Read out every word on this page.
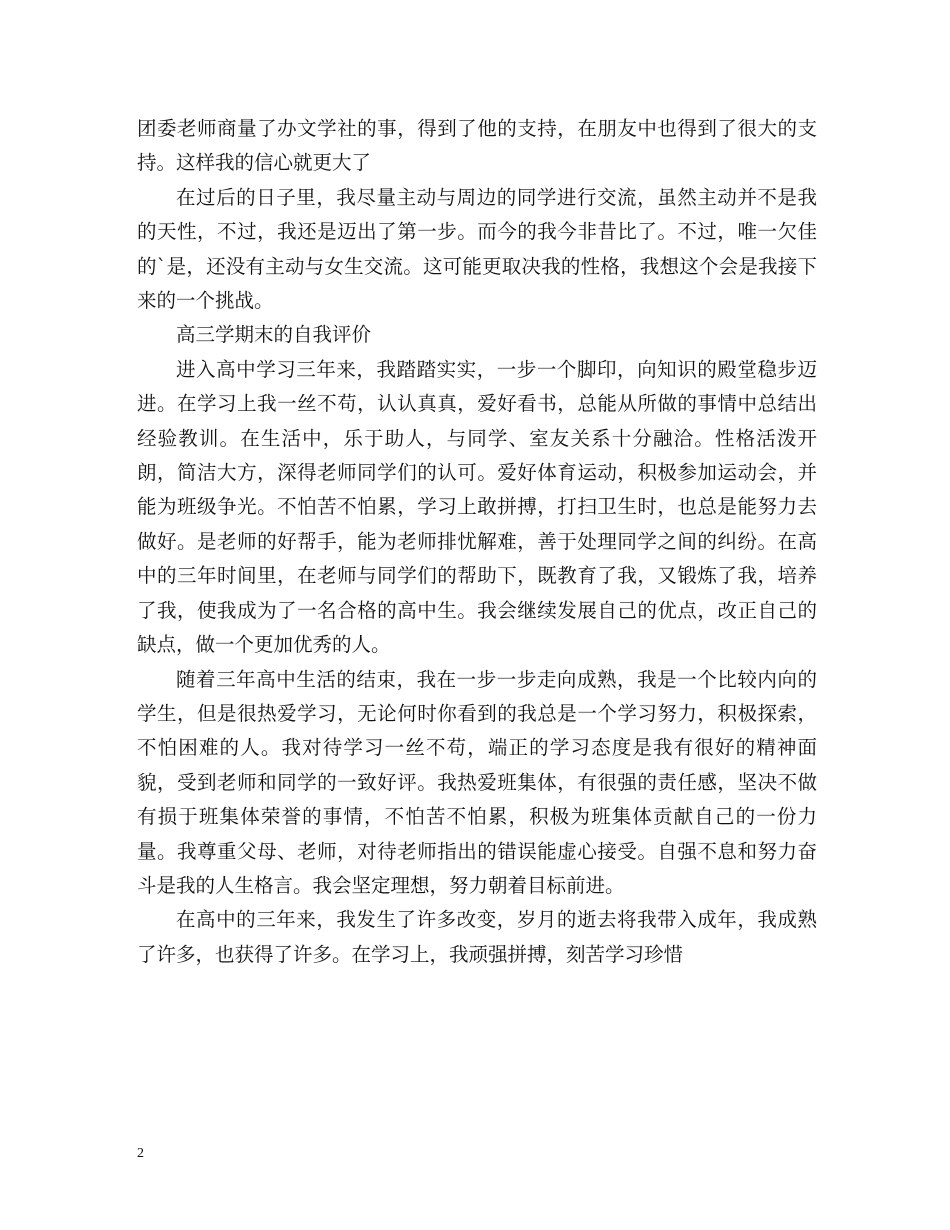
团委老师商量了办文学社的事，得到了他的支持，在朋友中也得到了很大的支持。这样我的信心就更大了

在过后的日子里，我尽量主动与周边的同学进行交流，虽然主动并不是我的天性，不过，我还是迈出了第一步。而今的我今非昔比了。不过，唯一欠佳的`是，还没有主动与女生交流。这可能更取决我的性格，我想这个会是我接下来的一个挑战。

高三学期末的自我评价

进入高中学习三年来，我踏踏实实，一步一个脚印，向知识的殿堂稳步迈进。在学习上我一丝不苟，认认真真，爱好看书，总能从所做的事情中总结出经验教训。在生活中，乐于助人，与同学、室友关系十分融洽。性格活泼开朗，简洁大方，深得老师同学们的认可。爱好体育运动，积极参加运动会，并能为班级争光。不怕苦不怕累，学习上敢拼搏，打扫卫生时，也总是能努力去做好。是老师的好帮手，能为老师排忧解难，善于处理同学之间的纠纷。在高中的三年时间里，在老师与同学们的帮助下，既教育了我，又锻炼了我，培养了我，使我成为了一名合格的高中生。我会继续发展自己的优点，改正自己的缺点，做一个更加优秀的人。

随着三年高中生活的结束，我在一步一步走向成熟，我是一个比较内向的学生，但是很热爱学习，无论何时你看到的我总是一个学习努力，积极探索，不怕困难的人。我对待学习一丝不苟，端正的学习态度是我有很好的精神面貌，受到老师和同学的一致好评。我热爱班集体，有很强的责任感，坚决不做有损于班集体荣誉的事情，不怕苦不怕累，积极为班集体贡献自己的一份力量。我尊重父母、老师，对待老师指出的错误能虚心接受。自强不息和努力奋斗是我的人生格言。我会坚定理想，努力朝着目标前进。

在高中的三年来，我发生了许多改变，岁月的逝去将我带入成年，我成熟了许多，也获得了许多。在学习上，我顽强拼搏，刻苦学习珍惜

2
